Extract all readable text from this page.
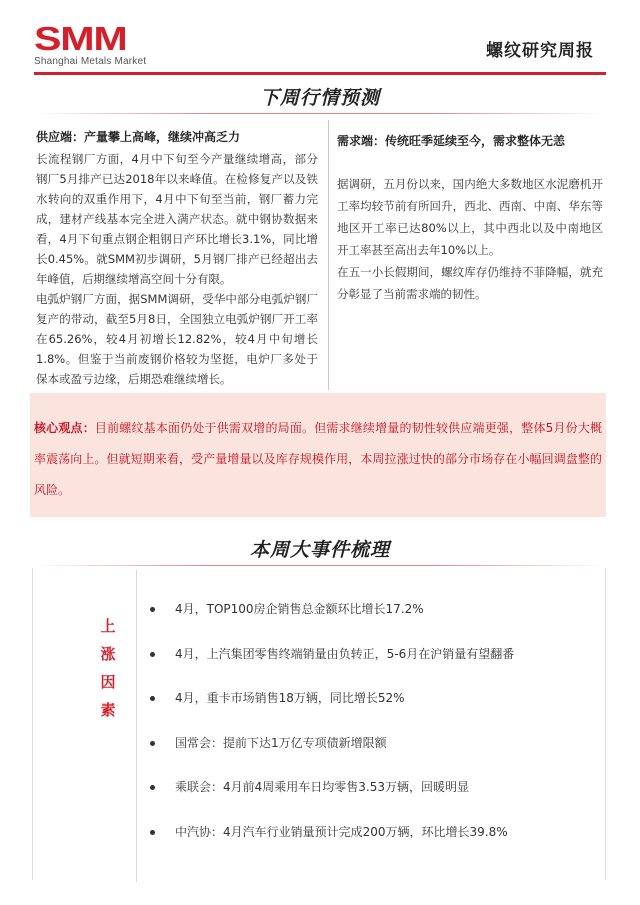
SMM
Shanghai Metals Market
螺纹研究周报
下周行情预测
供应端：产量攀上高峰，继续冲高乏力

长流程钢厂方面，4月中下旬至今产量继续增高，部分钢厂5月排产已达2018年以来峰值。在检修复产以及铁水转向的双重作用下，4月中下旬至当前，钢厂蓄力完成，建材产线基本完全进入满产状态。就中钢协数据来看，4月下旬重点钢企粗钢日产环比增长3.1%，同比增长0.45%。就SMM初步调研，5月钢厂排产已经超出去年峰值，后期继续增高空间十分有限。

电弧炉钢厂方面，据SMM调研，受华中部分电弧炉钢厂复产的带动，截至5月8日，全国独立电弧炉钢厂开工率在65.26%，较4月初增长12.82%，较4月中旬增长1.8%。但鉴于当前废钢价格较为坚挺，电炉厂多处于保本或盈亏边缘，后期恐难继续增长。

需求端：传统旺季延续至今，需求整体无恙

据调研，五月份以来，国内绝大多数地区水泥磨机开工率均较节前有所回升，西北、西南、中南、华东等地区开工率已达80%以上，其中西北以及中南地区开工率甚至高出去年10%以上。

在五一小长假期间，螺纹库存仍维持不菲降幅，就充分彰显了当前需求端的韧性。

核心观点：目前螺纹基本面仍处于供需双增的局面。但需求继续增量的韧性较供应端更强，整体5月份大概率震荡向上。但就短期来看，受产量增量以及库存规模作用，本周拉涨过快的部分市场存在小幅回调盘整的风险。
本周大事件梳理
上
涨
因
素
4月，TOP100房企销售总金额环比增长17.2%
4月，上汽集团零售终端销量由负转正，5-6月在沪销量有望翻番
4月，重卡市场销售18万辆，同比增长52%
国常会：提前下达1万亿专项债新增限额
乘联会：4月前4周乘用车日均零售3.53万辆，回暖明显
中汽协：4月汽车行业销量预计完成200万辆，环比增长39.8%
